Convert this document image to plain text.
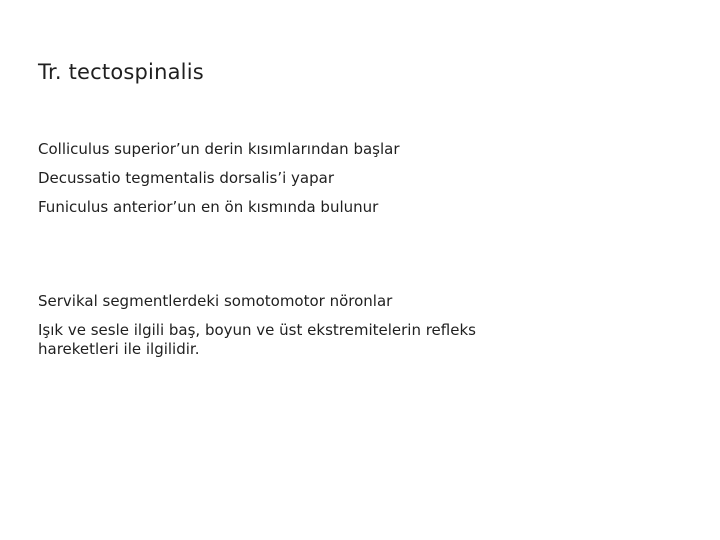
Tr. tectospinalis

Colliculus superior’un derin kısımlarından başlar

Decussatio tegmentalis dorsalis’i yapar

Funiculus anterior’un en ön kısmında bulunur

Servikal segmentlerdeki somotomotor nöronlar

Işık ve sesle ilgili baş, boyun ve üst ekstremitelerin refleks hareketleri ile ilgilidir.
